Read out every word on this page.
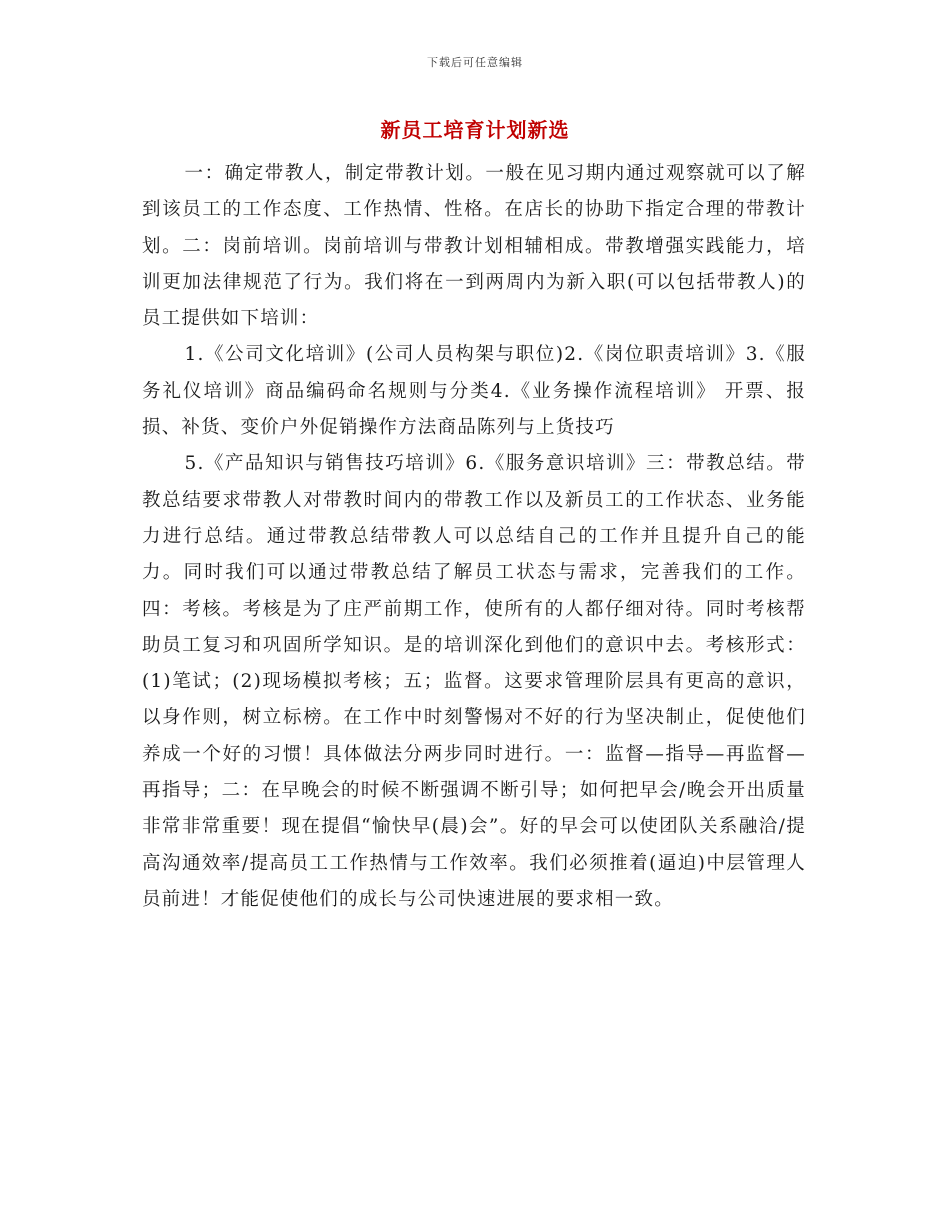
下载后可任意编辑
新员工培育计划新选

一：确定带教人，制定带教计划。一般在见习期内通过观察就可以了解到该员工的工作态度、工作热情、性格。在店长的协助下指定合理的带教计划。二：岗前培训。岗前培训与带教计划相辅相成。带教增强实践能力，培训更加法律规范了行为。我们将在一到两周内为新入职(可以包括带教人)的员工提供如下培训：

1.《公司文化培训》(公司人员构架与职位)2.《岗位职责培训》3.《服务礼仪培训》商品编码命名规则与分类4.《业务操作流程培训》 开票、报损、补货、变价户外促销操作方法商品陈列与上货技巧

5.《产品知识与销售技巧培训》6.《服务意识培训》三：带教总结。带教总结要求带教人对带教时间内的带教工作以及新员工的工作状态、业务能力进行总结。通过带教总结带教人可以总结自己的工作并且提升自己的能力。同时我们可以通过带教总结了解员工状态与需求，完善我们的工作。四：考核。考核是为了庄严前期工作，使所有的人都仔细对待。同时考核帮助员工复习和巩固所学知识。是的培训深化到他们的意识中去。考核形式：(1)笔试；(2)现场模拟考核；五；监督。这要求管理阶层具有更高的意识，以身作则，树立标榜。在工作中时刻警惕对不好的行为坚决制止，促使他们养成一个好的习惯！具体做法分两步同时进行。一：监督—指导—再监督—再指导；二：在早晚会的时候不断强调不断引导；如何把早会/晚会开出质量非常非常重要！现在提倡“愉快早(晨)会”。好的早会可以使团队关系融洽/提高沟通效率/提高员工工作热情与工作效率。我们必须推着(逼迫)中层管理人员前进！才能促使他们的成长与公司快速进展的要求相一致。
